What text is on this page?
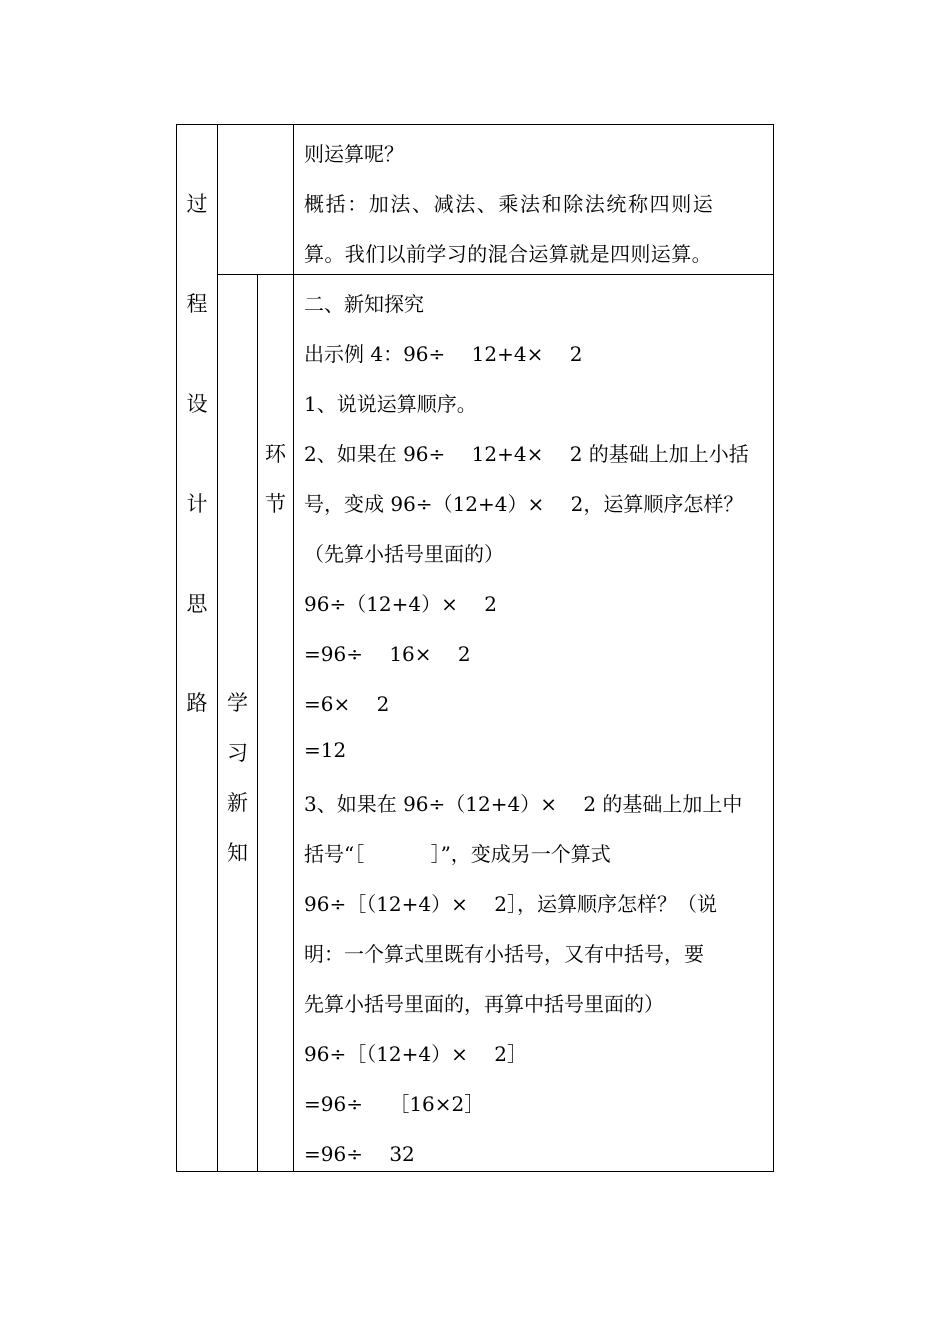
过
程
设
计
思
路 学
习
新
知
环
节

则运算呢？

概括：加法、减法、乘法和除法统称四则运

算。我们以前学习的混合运算就是四则运算。

二、新知探究

出示例 4：96÷　 12+4×　 2

1、说说运算顺序。

2、如果在 96÷　 12+4×　 2 的基础上加上小括

号，变成 96÷（12+4）×　 2，运算顺序怎样？

（先算小括号里面的）

96÷（12+4）×　 2

=96÷　 16×　 2

=6×　 2

=12

3、如果在 96÷（12+4）×　 2 的基础上加上中

括号“［　　　 ］”，变成另一个算式

96÷［（12+4）×　 2］，运算顺序怎样？（说

明：一个算式里既有小括号，又有中括号，要

先算小括号里面的，再算中括号里面的）

96÷［（12+4）×　 2］

=96÷　 ［16×2］

=96÷　 32
